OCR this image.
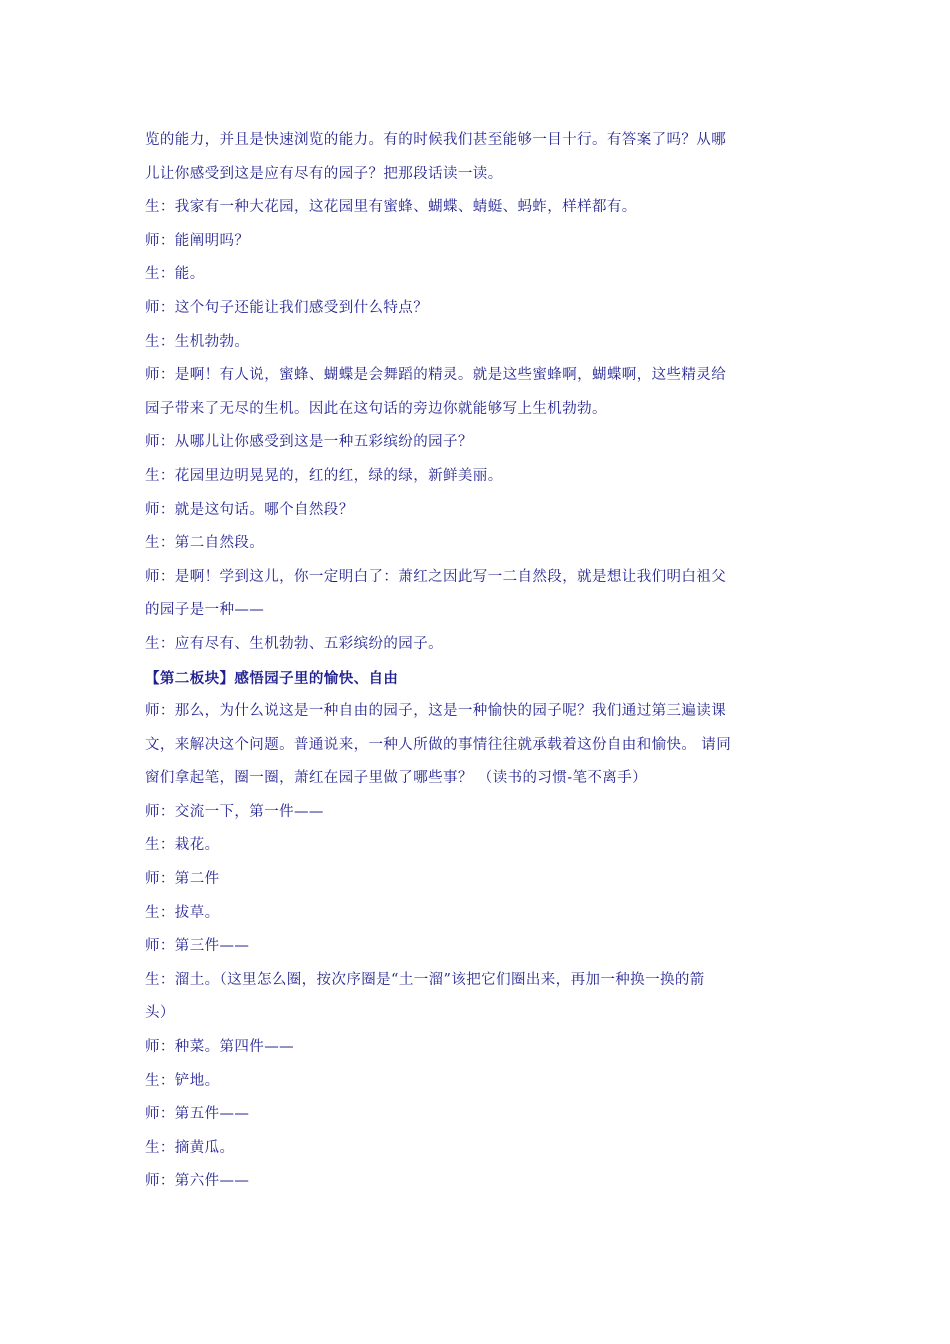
览的能力，并且是快速浏览的能力。有的时候我们甚至能够一目十行。有答案了吗？从哪
儿让你感受到这是应有尽有的园子？把那段话读一读。
生：我家有一种大花园，这花园里有蜜蜂、蝴蝶、蜻蜓、蚂蚱，样样都有。
师：能阐明吗？
生：能。
师：这个句子还能让我们感受到什么特点？
生：生机勃勃。
师：是啊！有人说，蜜蜂、蝴蝶是会舞蹈的精灵。就是这些蜜蜂啊，蝴蝶啊，这些精灵给
园子带来了无尽的生机。因此在这句话的旁边你就能够写上生机勃勃。
师：从哪儿让你感受到这是一种五彩缤纷的园子？
生：花园里边明晃晃的，红的红，绿的绿，新鲜美丽。
师：就是这句话。哪个自然段？
生：第二自然段。
师：是啊！学到这儿，你一定明白了：萧红之因此写一二自然段，就是想让我们明白祖父
的园子是一种——
生：应有尽有、生机勃勃、五彩缤纷的园子。
【第二板块】感悟园子里的愉快、自由
师：那么，为什么说这是一种自由的园子，这是一种愉快的园子呢？我们通过第三遍读课
文，来解决这个问题。普通说来，一种人所做的事情往往就承载着这份自由和愉快。 请同
窗们拿起笔，圈一圈，萧红在园子里做了哪些事？ （读书的习惯-笔不离手）
师：交流一下，第一件——
生：栽花。
师：第二件
生：拔草。
师：第三件——
生：溜土。（这里怎么圈，按次序圈是“土一溜”该把它们圈出来，再加一种换一换的箭
头）
师：种菜。第四件——
生：铲地。
师：第五件——
生：摘黄瓜。
师：第六件——
